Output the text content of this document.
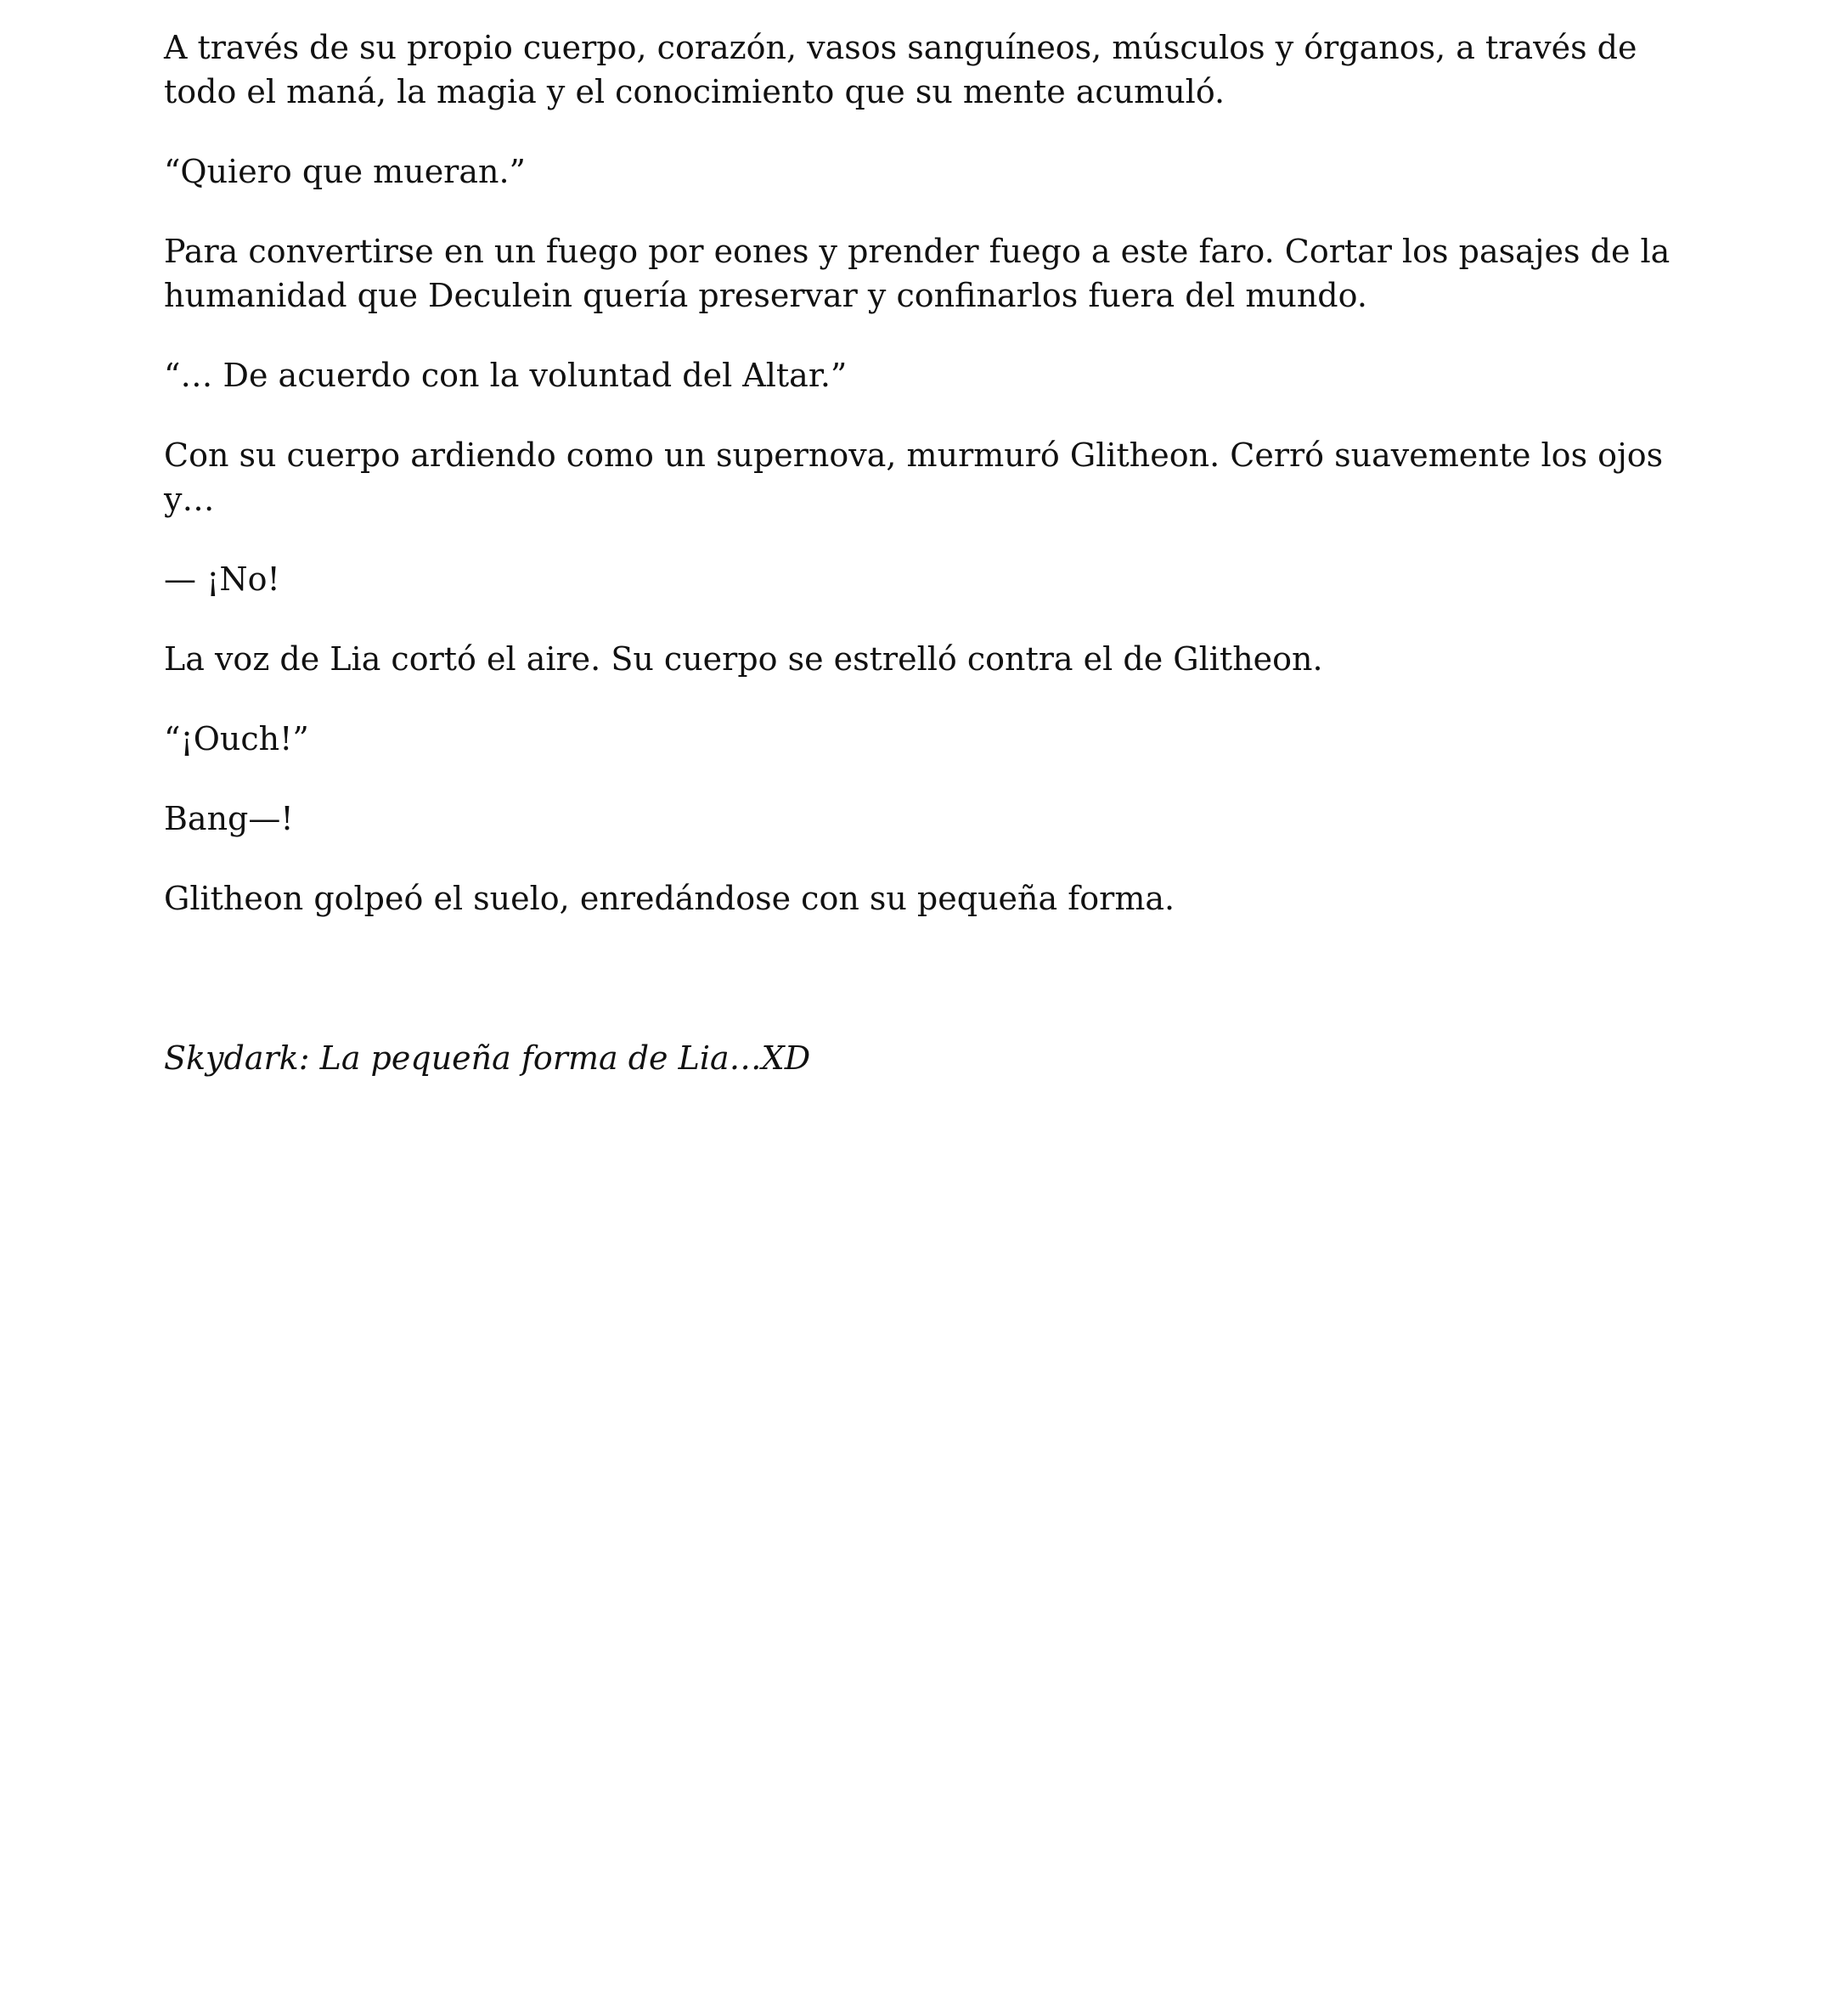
A través de su propio cuerpo, corazón, vasos sanguíneos, músculos y órganos, a través de todo el maná, la magia y el conocimiento que su mente acumuló.

“Quiero que mueran.”

Para convertirse en un fuego por eones y prender fuego a este faro. Cortar los pasajes de la humanidad que Deculein quería preservar y confinarlos fuera del mundo.

“… De acuerdo con la voluntad del Altar.”

Con su cuerpo ardiendo como un supernova, murmuró Glitheon. Cerró suavemente los ojos y…

— ¡No!

La voz de Lia cortó el aire. Su cuerpo se estrelló contra el de Glitheon.

“¡Ouch!”

Bang—!

Glitheon golpeó el suelo, enredándose con su pequeña forma.

Skydark: La pequeña forma de Lia…XD
